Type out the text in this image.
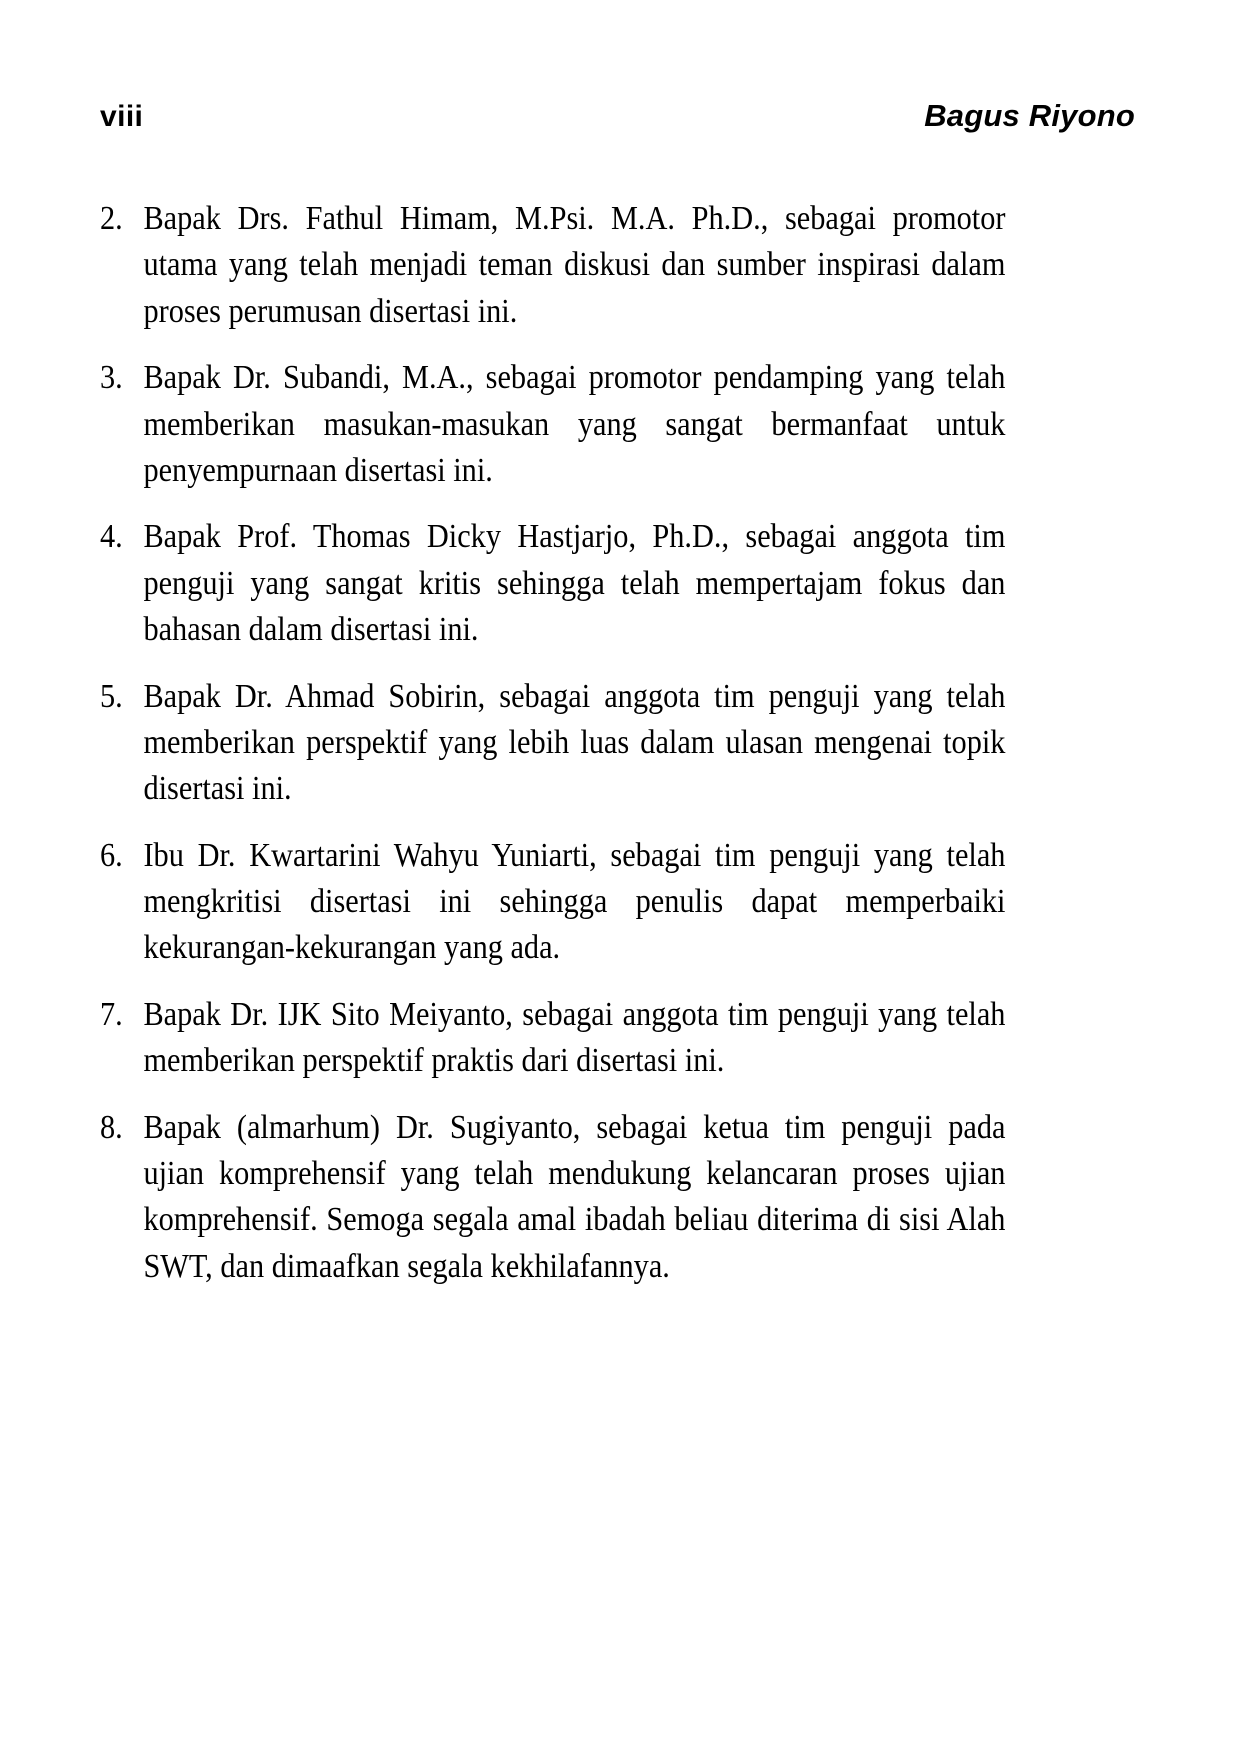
viii	Bagus Riyono
2. Bapak Drs. Fathul Himam, M.Psi. M.A. Ph.D., sebagai promotor utama yang telah menjadi teman diskusi dan sumber inspirasi dalam proses perumusan disertasi ini.
3. Bapak Dr. Subandi, M.A., sebagai promotor pendamping yang telah memberikan masukan-masukan yang sangat bermanfaat untuk penyempurnaan disertasi ini.
4. Bapak Prof. Thomas Dicky Hastjarjo, Ph.D., sebagai anggota tim penguji yang sangat kritis sehingga telah mempertajam fokus dan bahasan dalam disertasi ini.
5. Bapak Dr. Ahmad Sobirin, sebagai anggota tim penguji yang telah memberikan perspektif yang lebih luas dalam ulasan mengenai topik disertasi ini.
6. Ibu Dr. Kwartarini Wahyu Yuniarti, sebagai tim penguji yang telah mengkritisi disertasi ini sehingga penulis dapat memperbaiki kekurangan-kekurangan yang ada.
7. Bapak Dr. IJK Sito Meiyanto, sebagai anggota tim penguji yang telah memberikan perspektif praktis dari disertasi ini.
8. Bapak (almarhum) Dr. Sugiyanto, sebagai ketua tim penguji pada ujian komprehensif yang telah mendukung kelancaran proses ujian komprehensif. Semoga segala amal ibadah beliau diterima di sisi Alah SWT, dan dimaafkan segala kekhilafannya.
